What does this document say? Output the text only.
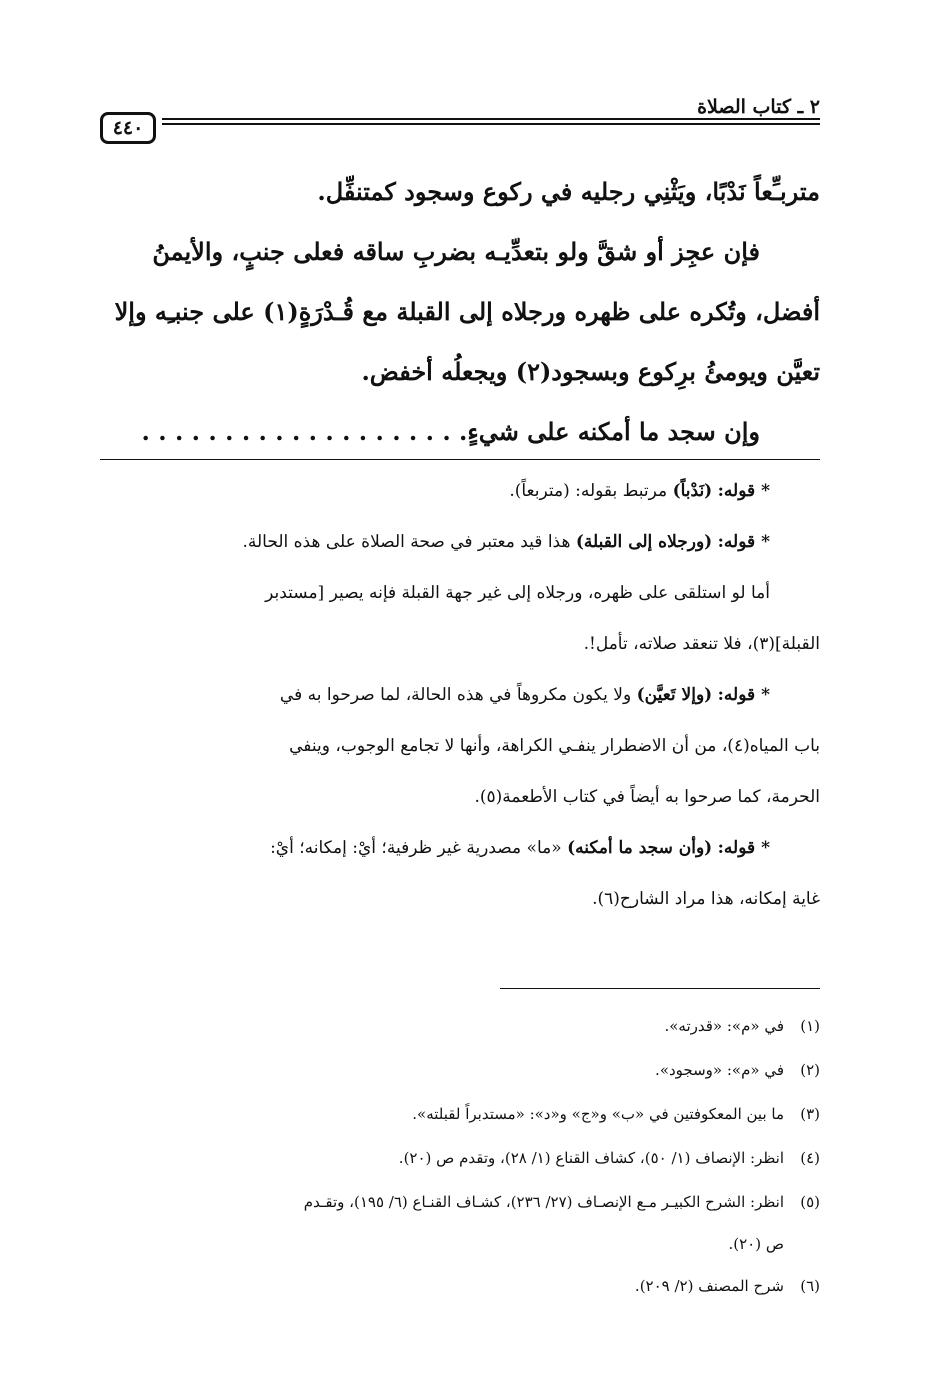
٢ ـ كتاب الصلاة
٤٤٠

متربـِّعاً نَدْبًا، ويَثْنِي رجليه في ركوع وسجود كمتنفِّل.

فإن عجِز أو شقَّ ولو بتعدِّيـه بضربِ ساقه فعلى جنبٍ، والأيمنُ

أفضل، وتُكره على ظهره ورجلاه إلى القبلة مع قُـدْرَةٍ(١) على جنبـِه وإلا

تعيَّن ويومئُ برِكوع وبسجود(٢) ويجعلُه أخفض.

وإن سجد ما أمكنه على شيءٍ. . . . . . . . . . . . . . . . . . . .

*قوله: (نَدْباً) مرتبط بقوله: (متربعاً).

*قوله: (ورجلاه إلى القبلة) هذا قيد معتبر في صحة الصلاة على هذه الحالة.

أما لو استلقى على ظهره، ورجلاه إلى غير جهة القبلة فإنه يصير [مستدبر

القبلة](٣)، فلا تنعقد صلاته، تأمل!.

*قوله: (وإلا تَعيَّن) ولا يكون مكروهاً في هذه الحالة، لما صرحوا به في

باب المياه(٤)، من أن الاضطرار ينفـي الكراهة، وأنها لا تجامع الوجوب، وينفي

الحرمة، كما صرحوا به أيضاً في كتاب الأطعمة(٥).

*قوله: (وأن سجد ما أمكنه) «ما» مصدرية غير ظرفية؛ أيْ: إمكانه؛ أيْ:

غاية إمكانه، هذا مراد الشارح(٦).

(١)في «م»: «قدرته».
(٢)في «م»: «وسجود».
(٣)ما بين المعكوفتين في «ب» و«ج» و«د»: «مستدبراً لقبلته».
(٤)انظر: الإنصاف (١/ ٥٠)، كشاف القناع (١/ ٢٨)، وتقدم ص (٢٠).
(٥)انظر: الشرح الكبيـر مـع الإنصـاف (٢٧/ ٢٣٦)، كشـاف القنـاع (٦/ ١٩٥)، وتقـدم
ص (٢٠).
(٦)شرح المصنف (٢/ ٢٠٩).
